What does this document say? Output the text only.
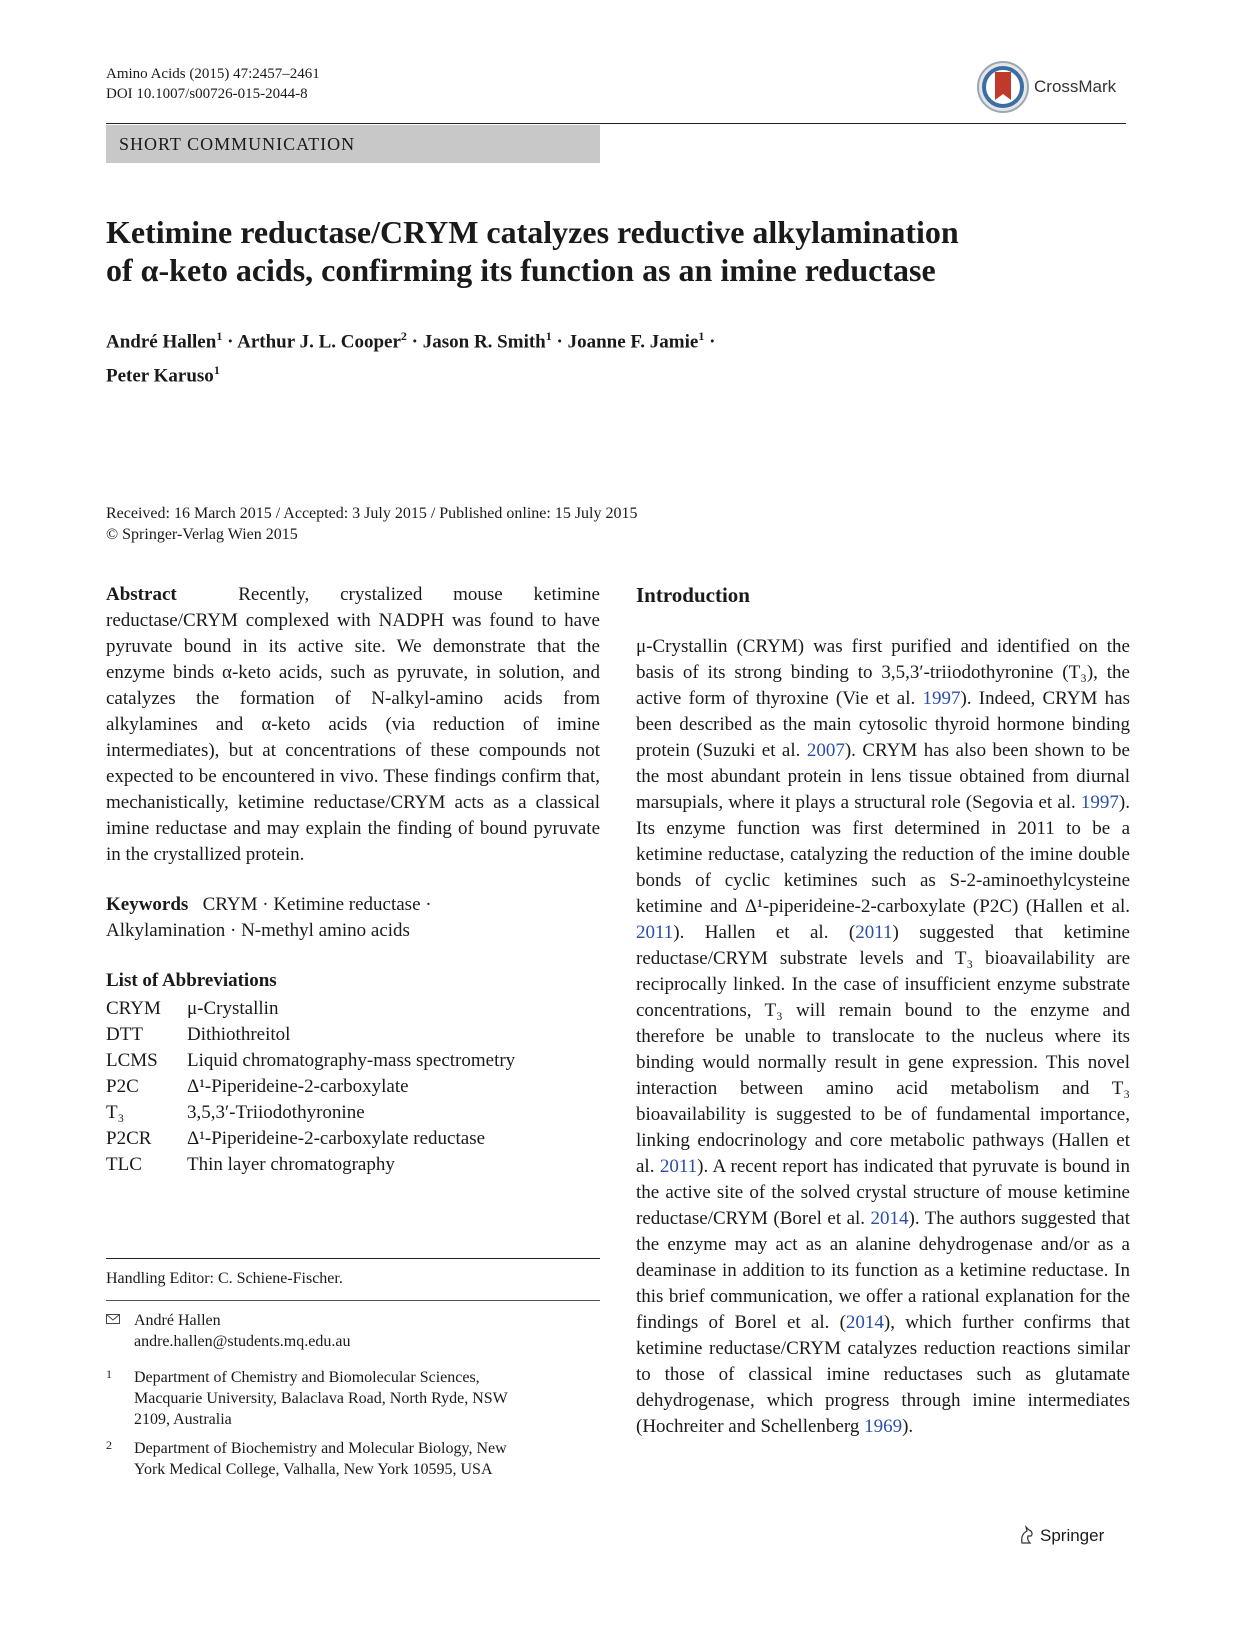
Amino Acids (2015) 47:2457–2461
DOI 10.1007/s00726-015-2044-8	CrossMark
SHORT COMMUNICATION
Ketimine reductase/CRYM catalyzes reductive alkylamination
of α-keto acids, confirming its function as an imine reductase
André Hallen$^1$ · Arthur J. L. Cooper$^2$ · Jason R. Smith$^1$ · Joanne F. Jamie$^1$ ·
Peter Karuso$^1$
Received: 16 March 2015 / Accepted: 3 July 2015 / Published online: 15 July 2015
© Springer-Verlag Wien 2015
Abstract	Recently, crystalized mouse ketimine reductase/CRYM complexed with NADPH was found to have pyruvate bound in its active site. We demonstrate that the enzyme binds α-keto acids, such as pyruvate, in solution, and catalyzes the formation of N-alkyl-amino acids from alkylamines and α-keto acids (via reduction of imine intermediates), but at concentrations of these compounds not expected to be encountered in vivo. These findings confirm that, mechanistically, ketimine reductase/CRYM acts as a classical imine reductase and may explain the finding of bound pyruvate in the crystallized protein.
Keywords CRYM · Ketimine reductase ·
Alkylamination · N-methyl amino acids
List of Abbreviations
CRYM	μ-Crystallin
DTT	Dithiothreitol
LCMS	Liquid chromatography-mass spectrometry
P2C	Δ¹-Piperideine-2-carboxylate
T₃	3,5,3′-Triiodothyronine
P2CR	Δ¹-Piperideine-2-carboxylate reductase
TLC	Thin layer chromatography
Handling Editor: C. Schiene-Fischer.
André Hallen
andre.hallen@students.mq.edu.au
1 Department of Chemistry and Biomolecular Sciences,
Macquarie University, Balaclava Road, North Ryde, NSW
2109, Australia
2 Department of Biochemistry and Molecular Biology, New
York Medical College, Valhalla, New York 10595, USA
Introduction
μ-Crystallin (CRYM) was first purified and identified on the basis of its strong binding to 3,5,3′-triiodothyronine (T₃), the active form of thyroxine (Vie et al. 1997). Indeed, CRYM has been described as the main cytosolic thyroid hormone binding protein (Suzuki et al. 2007). CRYM has also been shown to be the most abundant protein in lens tissue obtained from diurnal marsupials, where it plays a structural role (Segovia et al. 1997). Its enzyme function was first determined in 2011 to be a ketimine reductase, catalyzing the reduction of the imine double bonds of cyclic ketimines such as S-2-aminoethylcysteine ketimine and Δ¹-piperideine-2-carboxylate (P2C) (Hallen et al. 2011). Hallen et al. (2011) suggested that ketimine reductase/CRYM substrate levels and T₃ bioavailability are reciprocally linked. In the case of insufficient enzyme substrate concentrations, T₃ will remain bound to the enzyme and therefore be unable to translocate to the nucleus where its binding would normally result in gene expression. This novel interaction between amino acid metabolism and T₃ bioavailability is suggested to be of fundamental importance, linking endocrinology and core metabolic pathways (Hallen et al. 2011). A recent report has indicated that pyruvate is bound in the active site of the solved crystal structure of mouse ketimine reductase/CRYM (Borel et al. 2014). The authors suggested that the enzyme may act as an alanine dehydrogenase and/or as a deaminase in addition to its function as a ketimine reductase. In this brief communication, we offer a rational explanation for the findings of Borel et al. (2014), which further confirms that ketimine reductase/CRYM catalyzes reduction reactions similar to those of classical imine reductases such as glutamate dehydrogenase, which progress through imine intermediates (Hochreiter and Schellenberg 1969).
Springer
